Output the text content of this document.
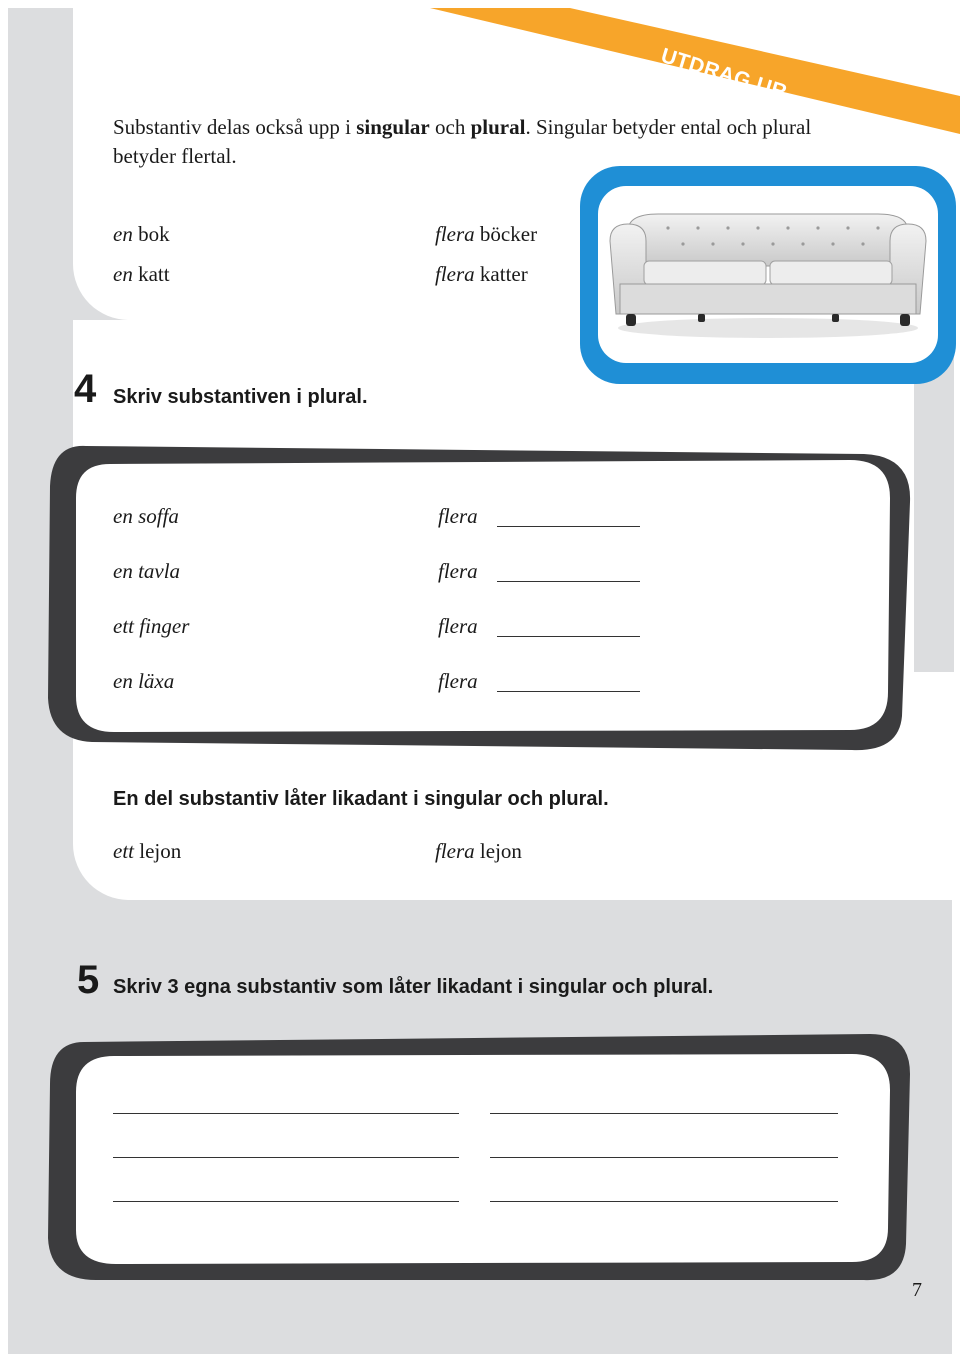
UTDRAG UR BOKEN
Substantiv delas också upp i singular och plural. Singular betyder ental och plural betyder flertal.
en bok	flera böcker
en katt	flera katter
4 Skriv substantiven i plural.
en soffa	flera
en tavla	flera
ett finger	flera
en läxa	flera
En del substantiv låter likadant i singular och plural.
ett lejon	flera lejon
5 Skriv 3 egna substantiv som låter likadant i singular och plural.
7
